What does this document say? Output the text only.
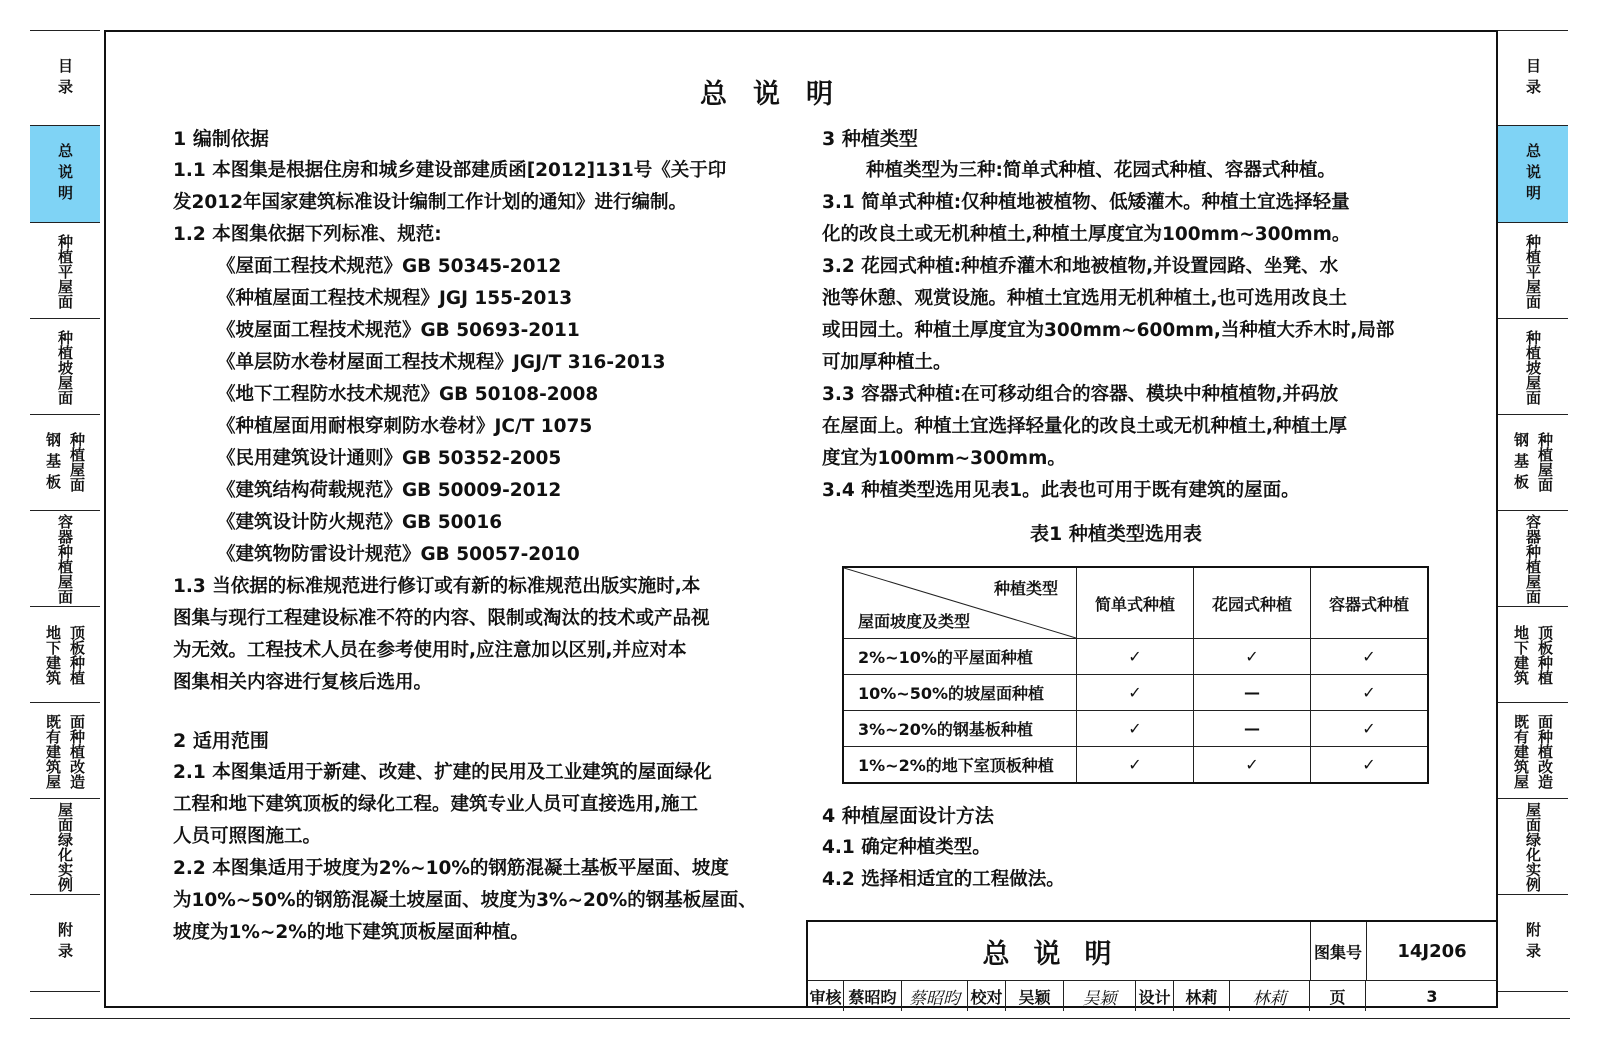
目录
总说明
种植平屋面
种植坡屋面
种植屋面
钢基板
容器种植屋面
顶板种植
地下建筑
面种植改造
既有建筑屋
屋面绿化实例
附录
目录
总说明
种植平屋面
种植坡屋面
种植屋面
钢基板
容器种植屋面
顶板种植
地下建筑
面种植改造
既有建筑屋
屋面绿化实例
附录
总说明

1 编制依据

1.1 本图集是根据住房和城乡建设部建质函[2012]131号《关于印

发2012年国家建筑标准设计编制工作计划的通知》进行编制。

1.2 本图集依据下列标准、规范:

《屋面工程技术规范》GB 50345-2012

《种植屋面工程技术规程》JGJ 155-2013

《坡屋面工程技术规范》GB 50693-2011

《单层防水卷材屋面工程技术规程》JGJ/T 316-2013

《地下工程防水技术规范》GB 50108-2008

《种植屋面用耐根穿刺防水卷材》JC/T 1075

《民用建筑设计通则》GB 50352-2005

《建筑结构荷载规范》GB 50009-2012

《建筑设计防火规范》GB 50016

《建筑物防雷设计规范》GB 50057-2010

1.3 当依据的标准规范进行修订或有新的标准规范出版实施时,本

图集与现行工程建设标准不符的内容、限制或淘汰的技术或产品视

为无效。工程技术人员在参考使用时,应注意加以区别,并应对本

图集相关内容进行复核后选用。

2 适用范围

2.1 本图集适用于新建、改建、扩建的民用及工业建筑的屋面绿化

工程和地下建筑顶板的绿化工程。建筑专业人员可直接选用,施工

人员可照图施工。

2.2 本图集适用于坡度为2%~10%的钢筋混凝土基板平屋面、坡度

为10%~50%的钢筋混凝土坡屋面、坡度为3%~20%的钢基板屋面、

坡度为1%~2%的地下建筑顶板屋面种植。

3 种植类型

种植类型为三种:简单式种植、花园式种植、容器式种植。

3.1 简单式种植:仅种植地被植物、低矮灌木。种植土宜选择轻量

化的改良土或无机种植土,种植土厚度宜为100mm~300mm。

3.2 花园式种植:种植乔灌木和地被植物,并设置园路、坐凳、水

池等休憩、观赏设施。种植土宜选用无机种植土,也可选用改良土

或田园土。种植土厚度宜为300mm~600mm,当种植大乔木时,局部

可加厚种植土。

3.3 容器式种植:在可移动组合的容器、模块中种植植物,并码放

在屋面上。种植土宜选择轻量化的改良土或无机种植土,种植土厚

度宜为100mm~300mm。

3.4 种植类型选用见表1。此表也可用于既有建筑的屋面。

表1 种植类型选用表
种植类型
屋面坡度及类型	简单式种植	花园式种植	容器式种植
2%~10%的平屋面种植	✓	✓	✓
10%~50%的坡屋面种植	✓	—	✓
3%~20%的钢基板种植	✓	—	✓
1%~2%的地下室顶板种植	✓	✓	✓

4 种植屋面设计方法

4.1 确定种植类型。

4.2 选择相适宜的工程做法。

总说明	图集号	14J206
审核 蔡昭昀 蔡昭昀 校对 吴颖	吴颖	设计 林莉	林莉	页	3
